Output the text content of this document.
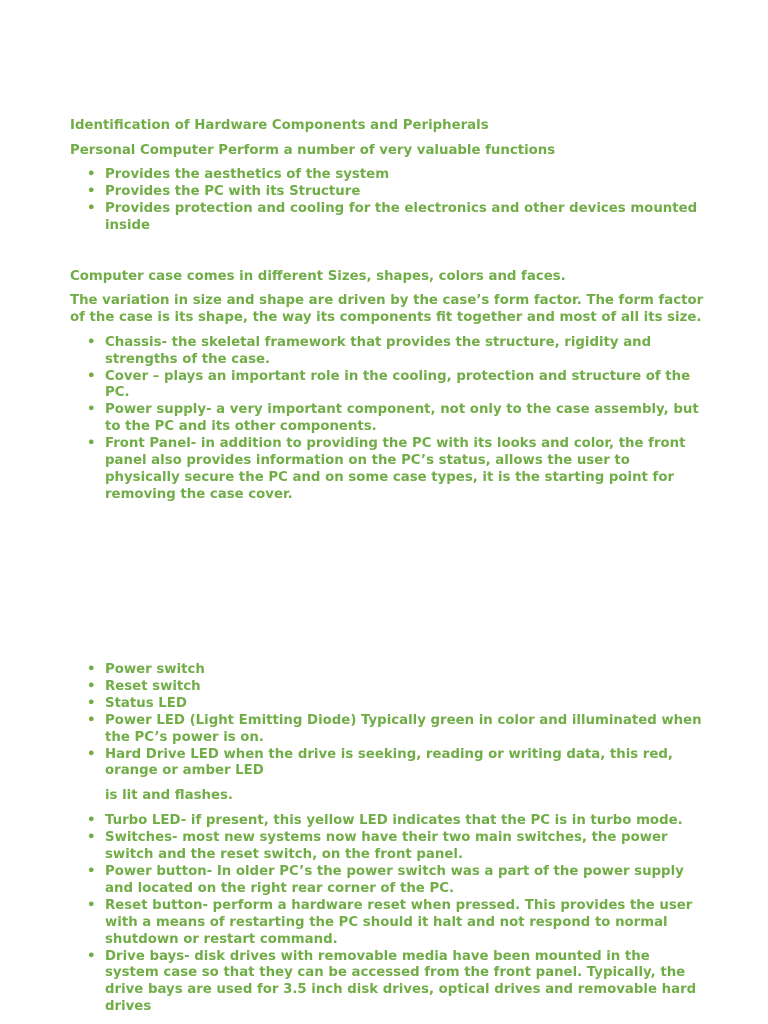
Identification of Hardware Components and Peripherals

Personal Computer Perform a number of very valuable functions

• Provides the aesthetics of the system
• Provides the PC with its Structure
• Provides protection and cooling for the electronics and other devices mounted inside

Computer case comes in different Sizes, shapes, colors and faces.

The variation in size and shape are driven by the case’s form factor. The form factor of the case is its shape, the way its components fit together and most of all its size.

• Chassis- the skeletal framework that provides the structure, rigidity and strengths of the case.
• Cover – plays an important role in the cooling, protection and structure of the PC.
• Power supply- a very important component, not only to the case assembly, but to the PC and its other components.
• Front Panel- in addition to providing the PC with its looks and color, the front panel also provides information on the PC’s status, allows the user to physically secure the PC and on some case types, it is the starting point for removing the case cover.
• Power switch
• Reset switch
• Status LED
• Power LED (Light Emitting Diode) Typically green in color and illuminated when the PC’s power is on.
• Hard Drive LED when the drive is seeking, reading or writing data, this red, orange or amber LED

is lit and flashes.

• Turbo LED- if present, this yellow LED indicates that the PC is in turbo mode.
• Switches- most new systems now have their two main switches, the power switch and the reset switch, on the front panel.
• Power button- In older PC’s the power switch was a part of the power supply and located on the right rear corner of the PC.
• Reset button- perform a hardware reset when pressed. This provides the user with a means of restarting the PC should it halt and not respond to normal shutdown or restart command.
• Drive bays- disk drives with removable media have been mounted in the system case so that they can be accessed from the front panel. Typically, the drive bays are used for 3.5 inch disk drives, optical drives and removable hard drives
